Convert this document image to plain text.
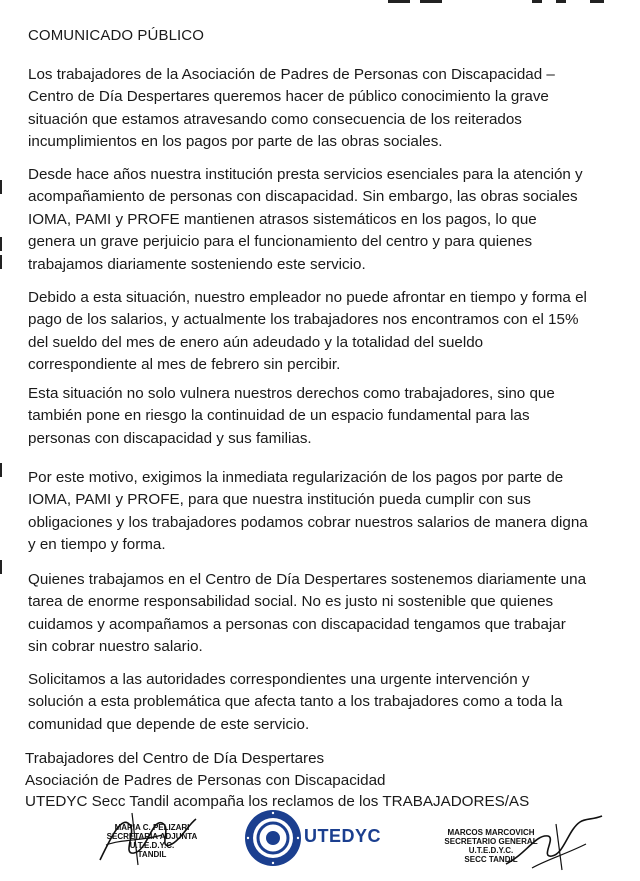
COMUNICADO PÚBLICO

Los trabajadores de la Asociación de Padres de Personas con Discapacidad – Centro de Día Despertares queremos hacer de público conocimiento la grave situación que estamos atravesando como consecuencia de los reiterados incumplimientos en los pagos por parte de las obras sociales.

Desde hace años nuestra institución presta servicios esenciales para la atención y acompañamiento de personas con discapacidad. Sin embargo, las obras sociales IOMA, PAMI y PROFE mantienen atrasos sistemáticos en los pagos, lo que genera un grave perjuicio para el funcionamiento del centro y para quienes trabajamos diariamente sosteniendo este servicio.

Debido a esta situación, nuestro empleador no puede afrontar en tiempo y forma el pago de los salarios, y actualmente los trabajadores nos encontramos con el 15% del sueldo del mes de enero aún adeudado y la totalidad del sueldo correspondiente al mes de febrero sin percibir.

Esta situación no solo vulnera nuestros derechos como trabajadores, sino que también pone en riesgo la continuidad de un espacio fundamental para las personas con discapacidad y sus familias.

Por este motivo, exigimos la inmediata regularización de los pagos por parte de IOMA, PAMI y PROFE, para que nuestra institución pueda cumplir con sus obligaciones y los trabajadores podamos cobrar nuestros salarios de manera digna y en tiempo y forma.

Quienes trabajamos en el Centro de Día Despertares sostenemos diariamente una tarea de enorme responsabilidad social. No es justo ni sostenible que quienes cuidamos y acompañamos a personas con discapacidad tengamos que trabajar sin cobrar nuestro salario.

Solicitamos a las autoridades correspondientes una urgente intervención y solución a esta problemática que afecta tanto a los trabajadores como a toda la comunidad que depende de este servicio.

Trabajadores del Centro de Día Despertares
Asociación de Padres de Personas con Discapacidad
UTEDYC Secc Tandil acompaña los reclamos de los TRABAJADORES/AS
MARIA C. PELIZARI
SECRETARIA ADJUNTA
U.T.E.D.Y.C.
TANDIL
UTEDYC	MARCOS MARCOVICH
SECRETARIO GENERAL
U.T.E.D.Y.C.
SECC TANDIL
